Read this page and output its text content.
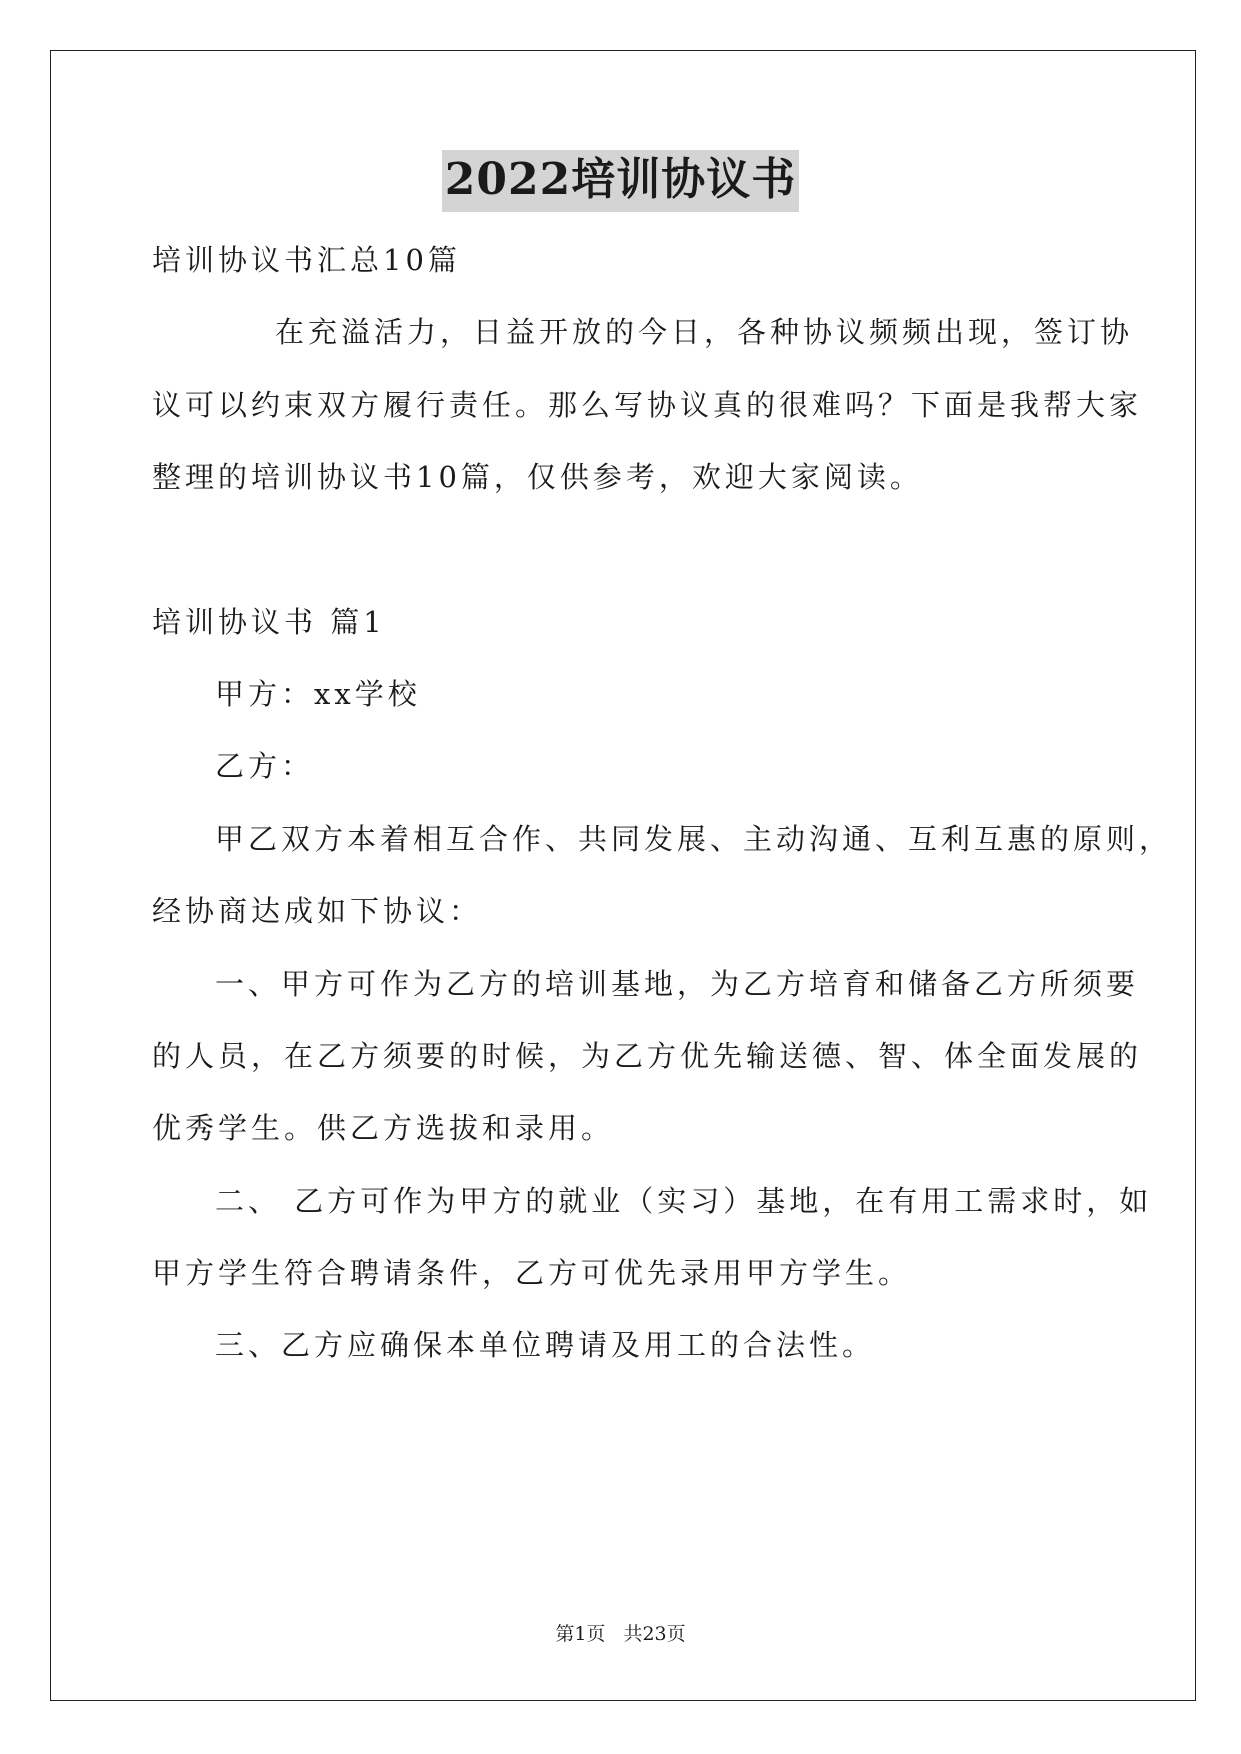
2022培训协议书
培训协议书汇总10篇
在充溢活力，日益开放的今日，各种协议频频出现，签订协
议可以约束双方履行责任。那么写协议真的很难吗？下面是我帮大家
整理的培训协议书10篇，仅供参考，欢迎大家阅读。
培训协议书 篇1
甲方：xx学校
乙方：
甲乙双方本着相互合作、共同发展、主动沟通、互利互惠的原则，
经协商达成如下协议：
一、甲方可作为乙方的培训基地，为乙方培育和储备乙方所须要
的人员，在乙方须要的时候，为乙方优先输送德、智、体全面发展的
优秀学生。供乙方选拔和录用。
二、 乙方可作为甲方的就业（实习）基地，在有用工需求时，如
甲方学生符合聘请条件，乙方可优先录用甲方学生。
三、乙方应确保本单位聘请及用工的合法性。
第1页 共23页
